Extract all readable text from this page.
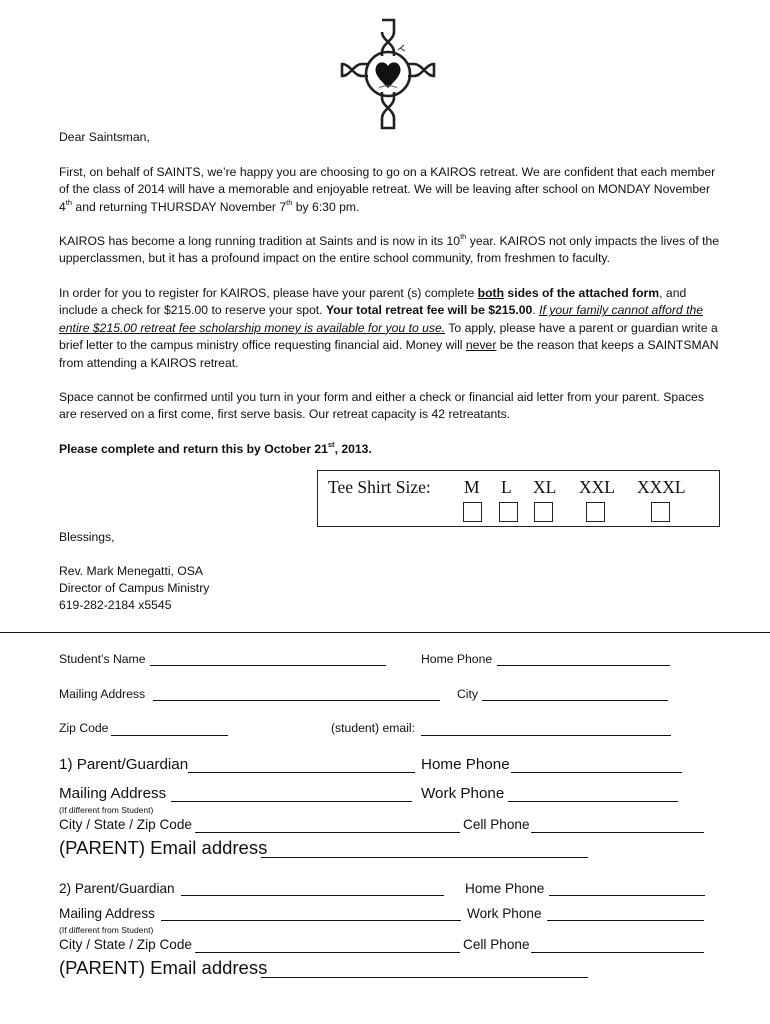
Dear Saintsman,

First, on behalf of SAINTS, we’re happy you are choosing to go on a KAIROS retreat. We are confident that each member of the class of 2014 will have a memorable and enjoyable retreat. We will be leaving after school on MONDAY November 4th and returning THURSDAY November 7th by 6:30 pm.

KAIROS has become a long running tradition at Saints and is now in its 10th year. KAIROS not only impacts the lives of the upperclassmen, but it has a profound impact on the entire school community, from freshmen to faculty.

In order for you to register for KAIROS, please have your parent (s) complete both sides of the attached form, and include a check for $215.00 to reserve your spot. Your total retreat fee will be $215.00. If your family cannot afford the entire $215.00 retreat fee scholarship money is available for you to use. To apply, please have a parent or guardian write a brief letter to the campus ministry office requesting financial aid. Money will never be the reason that keeps a SAINTSMAN from attending a KAIROS retreat.

Space cannot be confirmed until you turn in your form and either a check or financial aid letter from your parent. Spaces are reserved on a first come, first serve basis. Our retreat capacity is 42 retreatants.

Please complete and return this by October 21st, 2013.

Tee Shirt Size: M L XL XXL XXXL

Blessings,

Rev. Mark Menegatti, OSA

Director of Campus Ministry

619-282-2184 x5545

Student’s Name	Home Phone
Mailing Address	City
Zip Code	(student) email:
1) Parent/Guardian	Home Phone
Mailing Address	Work Phone
(If different from Student)
City / State / Zip Code	Cell Phone
(PARENT) Email address
2) Parent/Guardian	Home Phone
Mailing Address	Work Phone
(If different from Student)
City / State / Zip Code	Cell Phone
(PARENT) Email address
